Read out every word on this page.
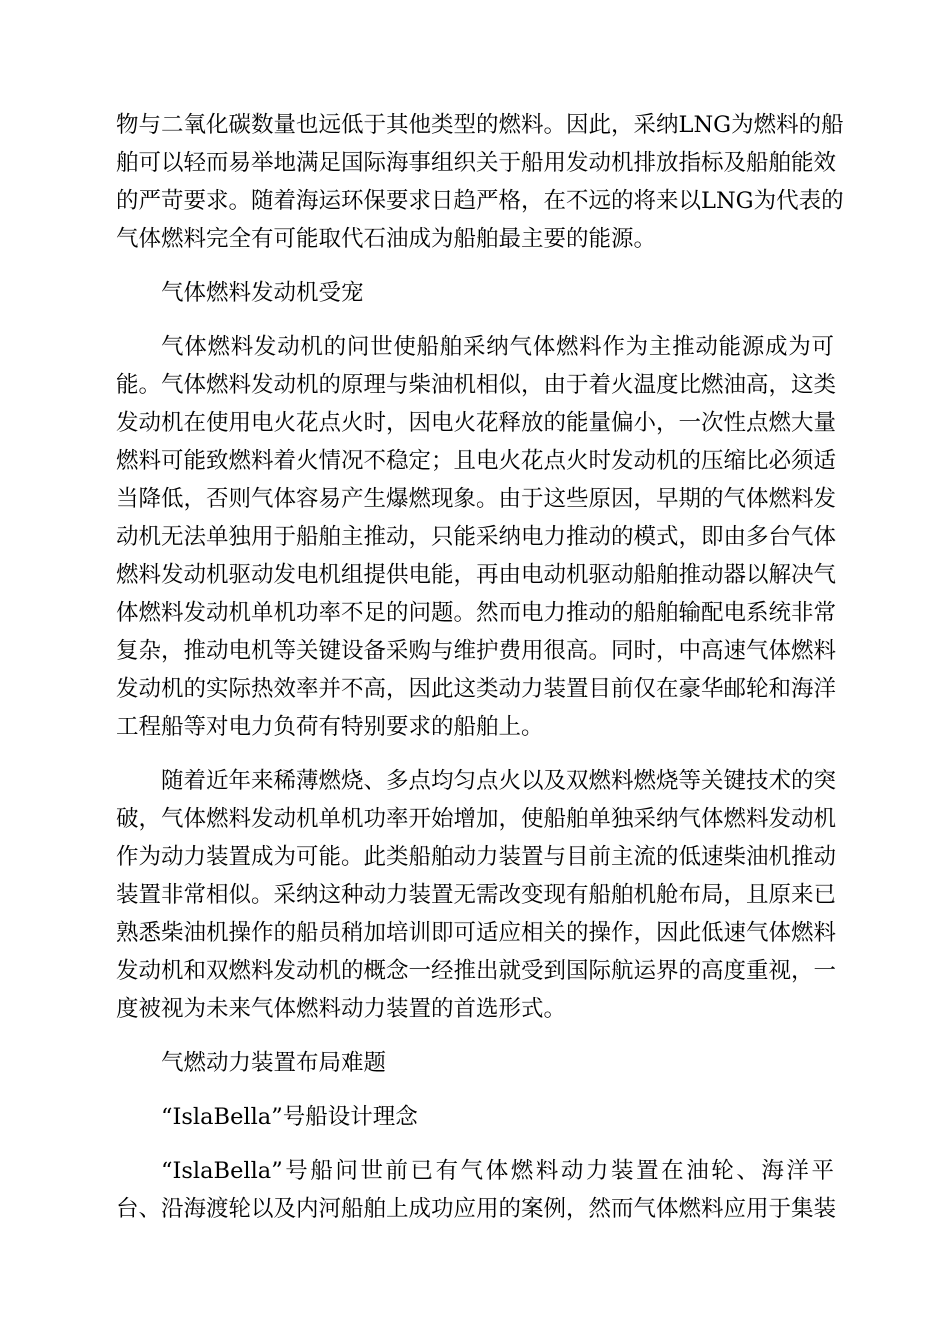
物与二氧化碳数量也远低于其他类型的燃料。因此，采纳LNG为燃料的船
舶可以轻而易举地满足国际海事组织关于船用发动机排放指标及船舶能效
的严苛要求。随着海运环保要求日趋严格，在不远的将来以LNG为代表的
气体燃料完全有可能取代石油成为船舶最主要的能源。

气体燃料发动机受宠

气体燃料发动机的问世使船舶采纳气体燃料作为主推动能源成为可
能。气体燃料发动机的原理与柴油机相似，由于着火温度比燃油高，这类
发动机在使用电火花点火时，因电火花释放的能量偏小，一次性点燃大量
燃料可能致燃料着火情况不稳定；且电火花点火时发动机的压缩比必须适
当降低，否则气体容易产生爆燃现象。由于这些原因，早期的气体燃料发
动机无法单独用于船舶主推动，只能采纳电力推动的模式，即由多台气体
燃料发动机驱动发电机组提供电能，再由电动机驱动船舶推动器以解决气
体燃料发动机单机功率不足的问题。然而电力推动的船舶输配电系统非常
复杂，推动电机等关键设备采购与维护费用很高。同时，中高速气体燃料
发动机的实际热效率并不高，因此这类动力装置目前仅在豪华邮轮和海洋
工程船等对电力负荷有特别要求的船舶上。

随着近年来稀薄燃烧、多点均匀点火以及双燃料燃烧等关键技术的突
破，气体燃料发动机单机功率开始增加，使船舶单独采纳气体燃料发动机
作为动力装置成为可能。此类船舶动力装置与目前主流的低速柴油机推动
装置非常相似。采纳这种动力装置无需改变现有船舶机舱布局，且原来已
熟悉柴油机操作的船员稍加培训即可适应相关的操作，因此低速气体燃料
发动机和双燃料发动机的概念一经推出就受到国际航运界的高度重视，一
度被视为未来气体燃料动力装置的首选形式。

气燃动力装置布局难题

“IslaBella”号船设计理念

“IslaBella”号船问世前已有气体燃料动力装置在油轮、海洋平
台、沿海渡轮以及内河船舶上成功应用的案例，然而气体燃料应用于集装
